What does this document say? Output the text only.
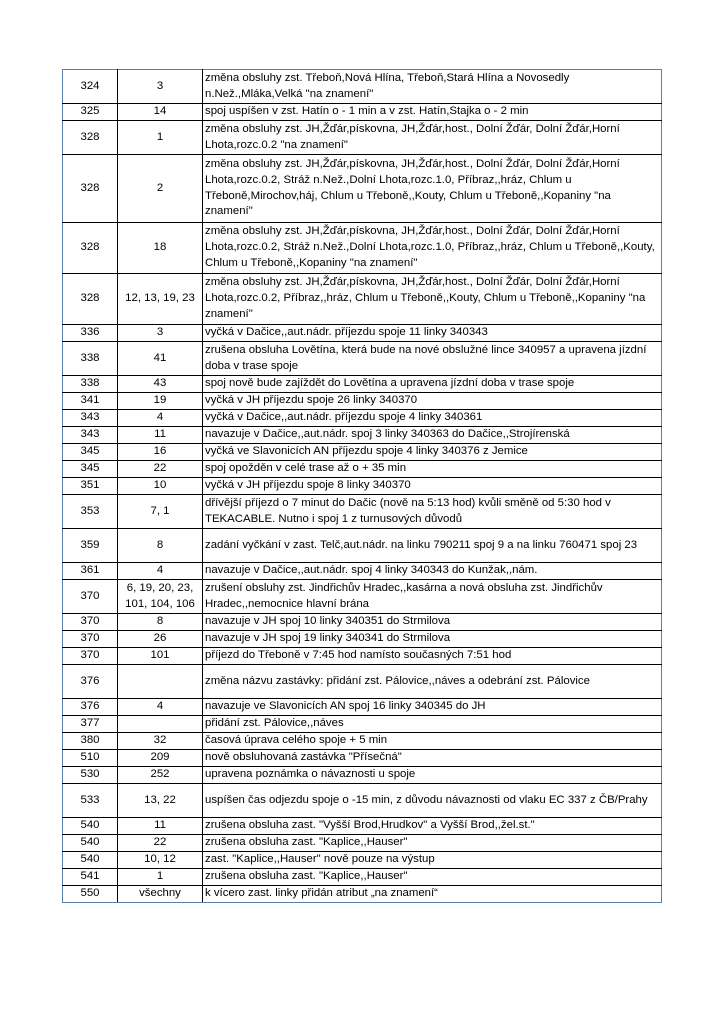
324	3	změna obsluhy zst. Třeboň,Nová Hlína, Třeboň,Stará Hlína a Novosedly n.Než.,Mláka,Velká "na znamení"
325	14	spoj uspíšen v zst. Hatín o - 1 min a v zst. Hatín,Stajka o - 2 min
328	1	změna obsluhy zst. JH,Žďár,pískovna, JH,Žďár,host., Dolní Žďár, Dolní Žďár,Horní Lhota,rozc.0.2 "na znamení"
328	2	změna obsluhy zst. JH,Žďár,pískovna, JH,Žďár,host., Dolní Žďár, Dolní Žďár,Horní Lhota,rozc.0.2, Stráž n.Než.,Dolní Lhota,rozc.1.0, Příbraz,,hráz, Chlum u Třeboně,Mirochov,háj, Chlum u Třeboně,,Kouty, Chlum u Třeboně,,Kopaniny "na znamení"
328	18	změna obsluhy zst. JH,Žďár,pískovna, JH,Žďár,host., Dolní Žďár, Dolní Žďár,Horní Lhota,rozc.0.2, Stráž n.Než.,Dolní Lhota,rozc.1.0, Příbraz,,hráz, Chlum u Třeboně,,Kouty, Chlum u Třeboně,,Kopaniny "na znamení"
328	12, 13, 19, 23	změna obsluhy zst. JH,Žďár,pískovna, JH,Žďár,host., Dolní Žďár, Dolní Žďár,Horní Lhota,rozc.0.2, Příbraz,,hráz, Chlum u Třeboně,,Kouty, Chlum u Třeboně,,Kopaniny "na znamení"
336	3	vyčká v Dačice,,aut.nádr. příjezdu spoje 11 linky 340343
338	41	zrušena obsluha Lovětína, která bude na nové obslužné lince 340957 a upravena jízdní doba v trase spoje
338	43	spoj nově bude zajíždět do Lovětína a upravena jízdní doba v trase spoje
341	19	vyčká v JH příjezdu spoje 26 linky 340370
343	4	vyčká v Dačice,,aut.nádr. příjezdu spoje 4 linky 340361
343	11	navazuje v Dačice,,aut.nádr. spoj 3 linky 340363 do Dačice,,Strojírenská
345	16	vyčká ve Slavonicích AN příjezdu spoje 4 linky 340376 z Jemice
345	22	spoj opožděn v celé trase až o + 35 min
351	10	vyčká v JH příjezdu spoje 8 linky 340370
353	7, 1	dřívější příjezd o 7 minut do Dačic (nově na 5:13 hod) kvůli směně od 5:30 hod v TEKACABLE. Nutno i spoj 1 z turnusových důvodů
359	8	zadání vyčkání v zast. Telč,aut.nádr. na linku 790211 spoj 9 a na linku 760471 spoj 23
361	4	navazuje v Dačice,,aut.nádr. spoj 4 linky 340343 do Kunžak,,nám.
370	6, 19, 20, 23, 101, 104, 106	zrušení obsluhy zst. Jindřichův Hradec,,kasárna a nová obsluha zst. Jindřichův Hradec,,nemocnice hlavní brána
370	8	navazuje v JH spoj 10 linky 340351 do Strmilova
370	26	navazuje v JH spoj 19 linky 340341 do Strmilova
370	101	příjezd do Třeboně v 7:45 hod namísto současných 7:51 hod
376		změna názvu zastávky: přidání zst. Pálovice,,náves a odebrání zst. Pálovice
376	4	navazuje ve Slavonicích AN spoj 16 linky 340345 do JH
377		přidání zst. Pálovice,,náves
380	32	časová úprava celého spoje + 5 min
510	209	nově obsluhovaná zastávka "Přísečná"
530	252	upravena poznámka o návaznosti u spoje
533	13, 22	uspíšen čas odjezdu spoje o -15 min, z důvodu návaznosti od vlaku EC 337 z ČB/Prahy
540	11	zrušena obsluha zast. "Vyšší Brod,Hrudkov" a Vyšší Brod,,žel.st."
540	22	zrušena obsluha zast. "Kaplice,,Hauser"
540	10, 12	zast. "Kaplice,,Hauser" nově pouze na výstup
541	1	zrušena obsluha zast. "Kaplice,,Hauser"
550	všechny	k vícero zast. linky přidán atribut „na znamení“
